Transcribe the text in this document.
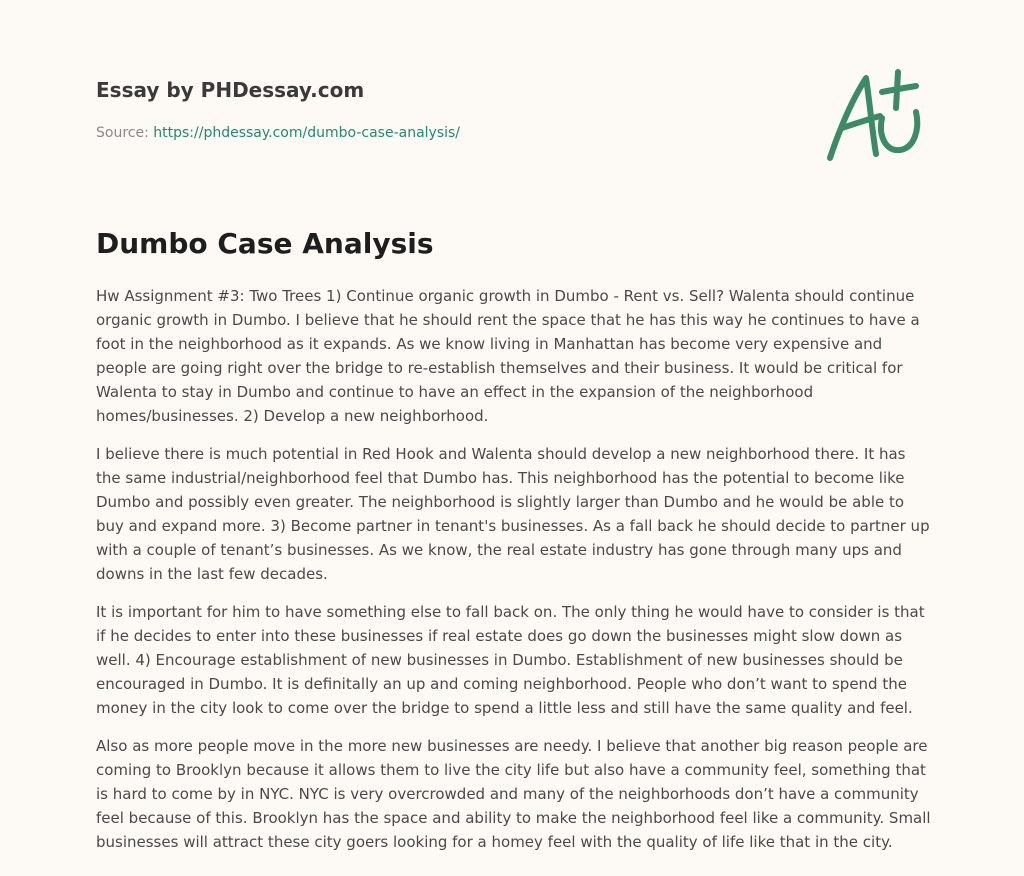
Essay by PHDessay.com
Source: https://phdessay.com/dumbo-case-analysis/
Dumbo Case Analysis

Hw Assignment #3: Two Trees 1) Continue organic growth in Dumbo - Rent vs. Sell? Walenta should continue organic growth in Dumbo. I believe that he should rent the space that he has this way he continues to have a foot in the neighborhood as it expands. As we know living in Manhattan has become very expensive and people are going right over the bridge to re-establish themselves and their business. It would be critical for Walenta to stay in Dumbo and continue to have an effect in the expansion of the neighborhood homes/businesses. 2) Develop a new neighborhood.

I believe there is much potential in Red Hook and Walenta should develop a new neighborhood there. It has the same industrial/neighborhood feel that Dumbo has. This neighborhood has the potential to become like Dumbo and possibly even greater. The neighborhood is slightly larger than Dumbo and he would be able to buy and expand more. 3) Become partner in tenant's businesses. As a fall back he should decide to partner up with a couple of tenant’s businesses. As we know, the real estate industry has gone through many ups and downs in the last few decades.

It is important for him to have something else to fall back on. The only thing he would have to consider is that if he decides to enter into these businesses if real estate does go down the businesses might slow down as well. 4) Encourage establishment of new businesses in Dumbo. Establishment of new businesses should be encouraged in Dumbo. It is definitally an up and coming neighborhood. People who don’t want to spend the money in the city look to come over the bridge to spend a little less and still have the same quality and feel.

Also as more people move in the more new businesses are needy. I believe that another big reason people are coming to Brooklyn because it allows them to live the city life but also have a community feel, something that is hard to come by in NYC. NYC is very overcrowded and many of the neighborhoods don’t have a community feel because of this. Brooklyn has the space and ability to make the neighborhood feel like a community. Small businesses will attract these city goers looking for a homey feel with the quality of life like that in the city.
